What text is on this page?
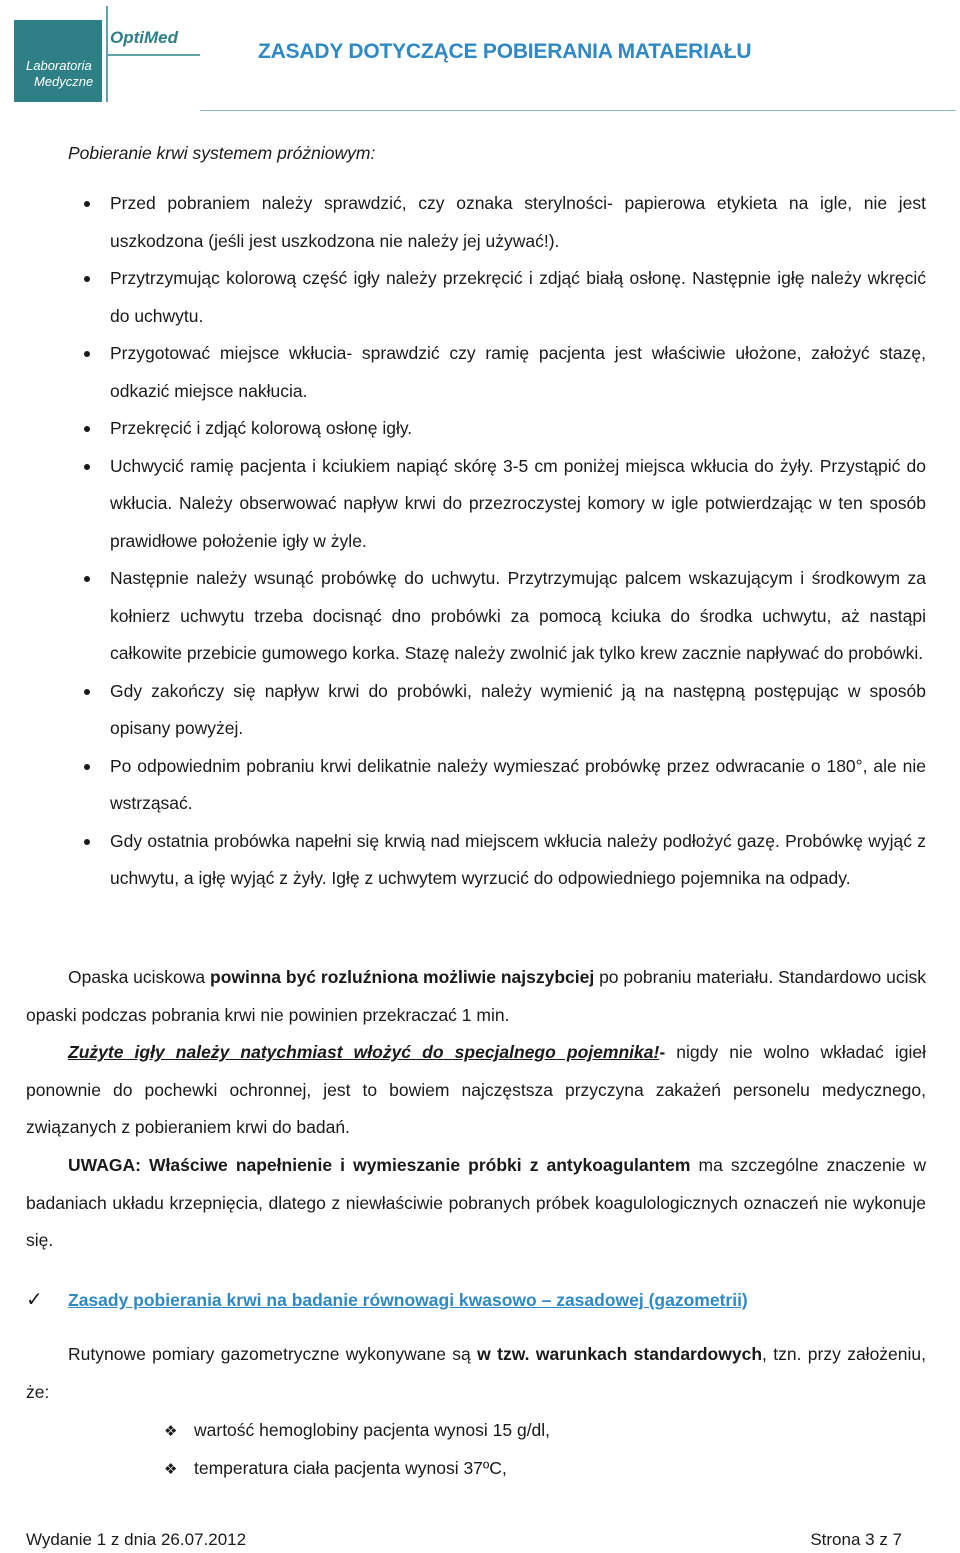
Laboratoria
Medyczne
OptiMed
ZASADY DOTYCZĄCE POBIERANIA MATAERIAŁU
Pobieranie krwi systemem próżniowym:
Przed pobraniem należy sprawdzić, czy oznaka sterylności- papierowa etykieta na igle, nie jest uszkodzona (jeśli jest uszkodzona nie należy jej używać!).
Przytrzymując kolorową część igły należy przekręcić i zdjąć białą osłonę. Następnie igłę należy wkręcić do uchwytu.
Przygotować miejsce wkłucia- sprawdzić czy ramię pacjenta jest właściwie ułożone, założyć stazę, odkazić miejsce nakłucia.
Przekręcić i zdjąć kolorową osłonę igły.
Uchwycić ramię pacjenta i kciukiem napiąć skórę 3-5 cm poniżej miejsca wkłucia do żyły. Przystąpić do wkłucia. Należy obserwować napływ krwi do przezroczystej komory w igle potwierdzając w ten sposób prawidłowe położenie igły w żyle.
Następnie należy wsunąć probówkę do uchwytu. Przytrzymując palcem wskazującym i środkowym za kołnierz uchwytu trzeba docisnąć dno probówki za pomocą kciuka do środka uchwytu, aż nastąpi całkowite przebicie gumowego korka. Stazę należy zwolnić jak tylko krew zacznie napływać do probówki.
Gdy zakończy się napływ krwi do probówki, należy wymienić ją na następną postępując w sposób opisany powyżej.
Po odpowiednim pobraniu krwi delikatnie należy wymieszać probówkę przez odwracanie o 180°, ale nie wstrząsać.
Gdy ostatnia probówka napełni się krwią nad miejscem wkłucia należy podłożyć gazę. Probówkę wyjąć z uchwytu, a igłę wyjąć z żyły. Igłę z uchwytem wyrzucić do odpowiedniego pojemnika na odpady.
Opaska uciskowa powinna być rozluźniona możliwie najszybciej po pobraniu materiału. Standardowo ucisk opaski podczas pobrania krwi nie powinien przekraczać 1 min.
Zużyte igły należy natychmiast włożyć do specjalnego pojemnika!- nigdy nie wolno wkładać igieł ponownie do pochewki ochronnej, jest to bowiem najczęstsza przyczyna zakażeń personelu medycznego, związanych z pobieraniem krwi do badań.
UWAGA: Właściwe napełnienie i wymieszanie próbki z antykoagulantem ma szczególne znaczenie w badaniach układu krzepnięcia, dlatego z niewłaściwie pobranych próbek koagulologicznych oznaczeń nie wykonuje się.
✓ Zasady pobierania krwi na badanie równowagi kwasowo – zasadowej (gazometrii)
Rutynowe pomiary gazometryczne wykonywane są w tzw. warunkach standardowych, tzn. przy założeniu, że:
❖ wartość hemoglobiny pacjenta wynosi 15 g/dl,
❖ temperatura ciała pacjenta wynosi 37ºC,
Wydanie 1 z dnia 26.07.2012	Strona 3 z 7
